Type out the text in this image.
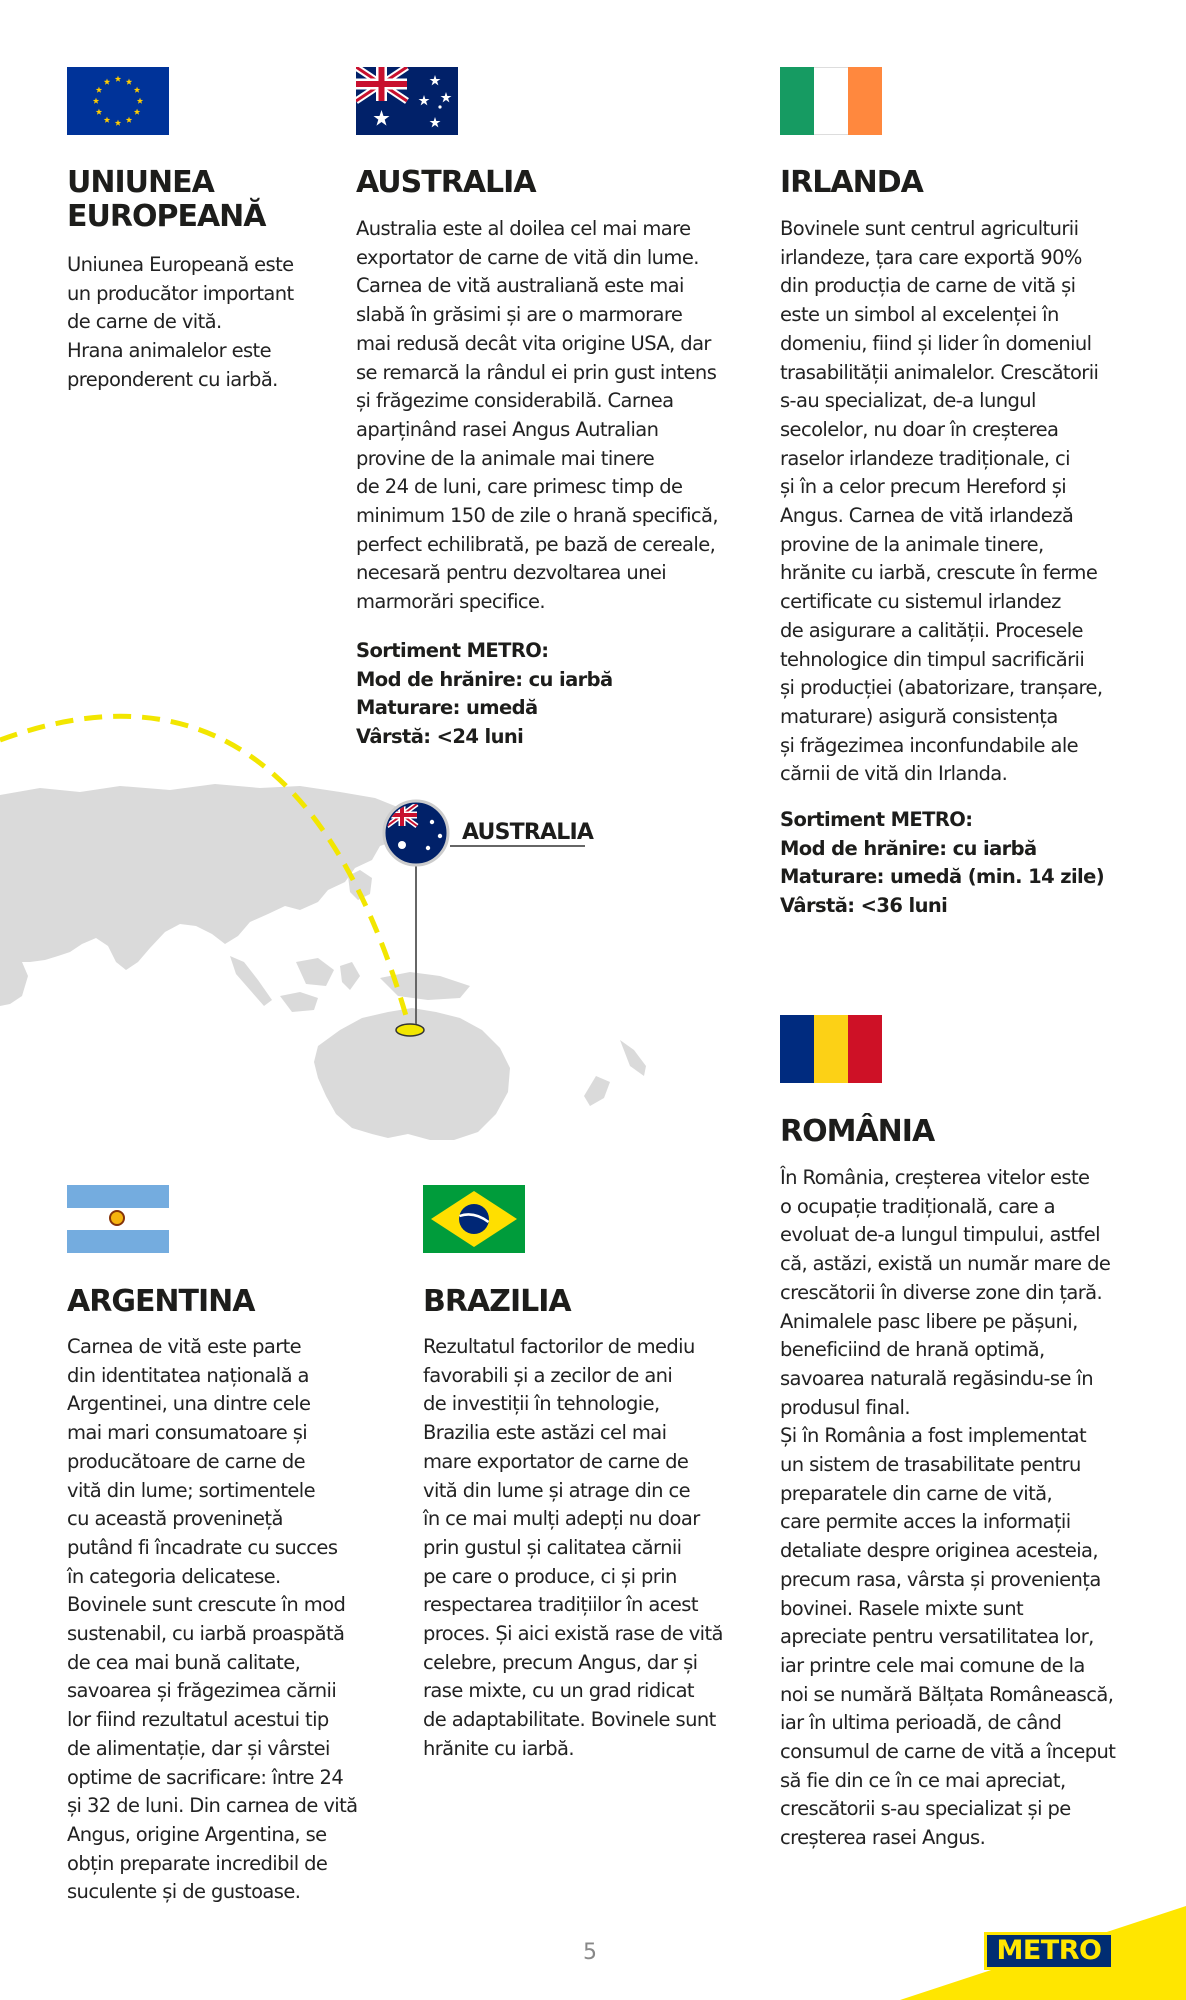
UNIUNEA
EUROPEANĂ

Uniunea Europeană este
un producător important
de carne de vită.
Hrana animalelor este
preponderent cu iarbă.

AUSTRALIA

Australia este al doilea cel mai mare
exportator de carne de vită din lume.
Carnea de vită australiană este mai
slabă în grăsimi și are o marmorare
mai redusă decât vita origine USA, dar
se remarcă la rândul ei prin gust intens
și frăgezime considerabilă. Carnea
aparținând rasei Angus Autralian
provine de la animale mai tinere
de 24 de luni, care primesc timp de
minimum 150 de zile o hrană specifică,
perfect echilibrată, pe bază de cereale,
necesară pentru dezvoltarea unei
marmorări specifice.

Sortiment METRO:
Mod de hrănire: cu iarbă
Maturare: umedă
Vârstă: <24 luni
IRLANDA

Bovinele sunt centrul agriculturii
irlandeze, țara care exportă 90%
din producția de carne de vită și
este un simbol al excelenței în
domeniu, fiind și lider în domeniul
trasabilității animalelor. Crescătorii
s-au specializat, de-a lungul
secolelor, nu doar în creșterea
raselor irlandeze tradiționale, ci
și în a celor precum Hereford și
Angus. Carnea de vită irlandeză
provine de la animale tinere,
hrănite cu iarbă, crescute în ferme
certificate cu sistemul irlandez
de asigurare a calității. Procesele
tehnologice din timpul sacrificării
și producției (abatorizare, tranșare,
maturare) asigură consistența
și frăgezimea inconfundabile ale
cărnii de vită din Irlanda.

Sortiment METRO:
Mod de hrănire: cu iarbă
Maturare: umedă (min. 14 zile)
Vârstă: <36 luni
AUSTRALIA
ROMÂNIA

În România, creșterea vitelor este
o ocupație tradițională, care a
evoluat de-a lungul timpului, astfel
că, astăzi, există un număr mare de
crescătorii în diverse zone din țară.
Animalele pasc libere pe pășuni,
beneficiind de hrană optimă,
savoarea naturală regăsindu-se în
produsul final.
Și în România a fost implementat
un sistem de trasabilitate pentru
preparatele din carne de vită,
care permite acces la informații
detaliate despre originea acesteia,
precum rasa, vârsta și proveniența
bovinei. Rasele mixte sunt
apreciate pentru versatilitatea lor,
iar printre cele mai comune de la
noi se numără Bălțata Românească,
iar în ultima perioadă, de când
consumul de carne de vită a început
să fie din ce în ce mai apreciat,
crescătorii s-au specializat și pe
creșterea rasei Angus.

ARGENTINA

Carnea de vită este parte
din identitatea națională a
Argentinei, una dintre cele
mai mari consumatoare și
producătoare de carne de
vită din lume; sortimentele
cu această proveninețǎ
putând fi încadrate cu succes
în categoria delicatese.
Bovinele sunt crescute în mod
sustenabil, cu iarbă proaspătă
de cea mai bună calitate,
savoarea și frăgezimea cărnii
lor fiind rezultatul acestui tip
de alimentație, dar și vârstei
optime de sacrificare: între 24
și 32 de luni. Din carnea de vită
Angus, origine Argentina, se
obțin preparate incredibil de
suculente și de gustoase.

BRAZILIA

Rezultatul factorilor de mediu
favorabili și a zecilor de ani
de investiții în tehnologie,
Brazilia este astăzi cel mai
mare exportator de carne de
vită din lume și atrage din ce
în ce mai mulți adepți nu doar
prin gustul și calitatea cărnii
pe care o produce, ci și prin
respectarea tradițiilor în acest
proces. Și aici există rase de vită
celebre, precum Angus, dar și
rase mixte, cu un grad ridicat
de adaptabilitate. Bovinele sunt
hrănite cu iarbă.

5	METRO
